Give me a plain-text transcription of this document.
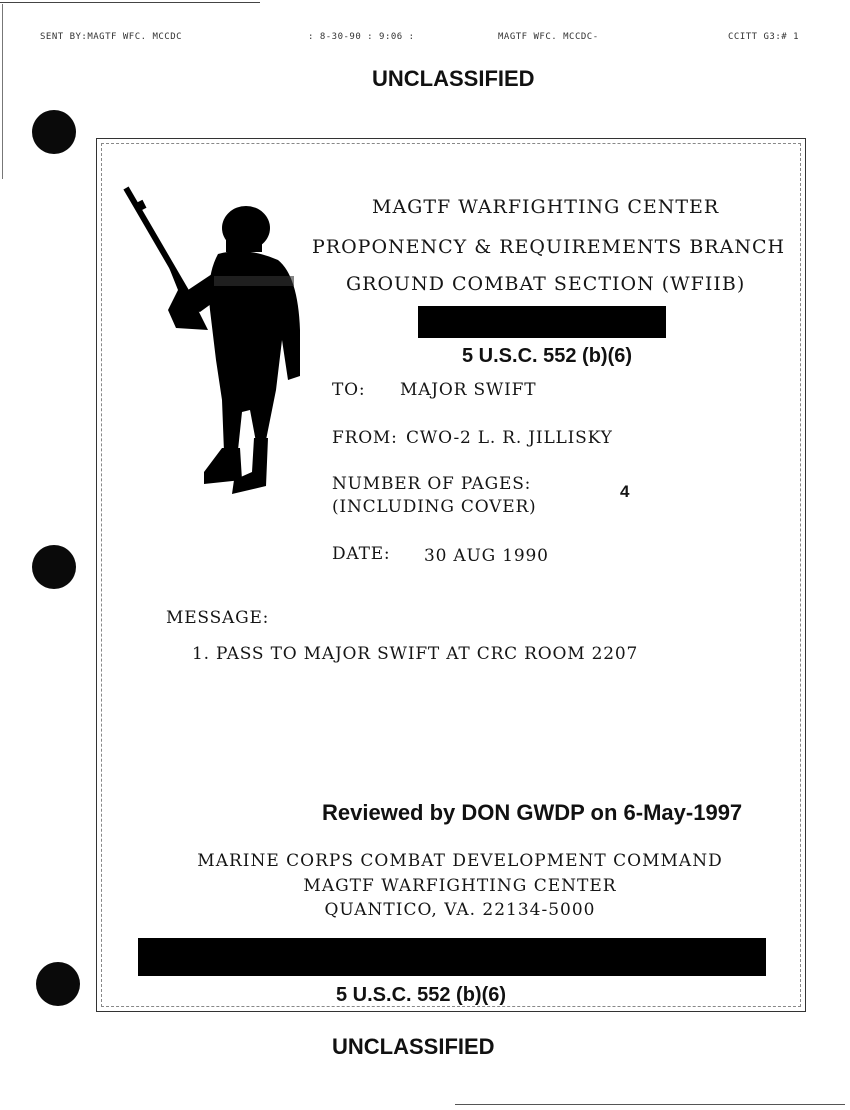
SENT BY:MAGTF WFC. MCCDC	: 8-30-90 : 9:06 :	MAGTF WFC. MCCDC-	CCITT G3:# 1
UNCLASSIFIED
MAGTF WARFIGHTING CENTER
PROPONENCY & REQUIREMENTS BRANCH
GROUND COMBAT SECTION (WFIIB)
5 U.S.C. 552 (b)(6)
TO: MAJOR SWIFT
FROM: CWO-2 L. R. JILLISKY
NUMBER OF PAGES:
(INCLUDING COVER)
4
DATE: 30 AUG 1990
MESSAGE:
1. PASS TO MAJOR SWIFT AT CRC ROOM 2207
Reviewed by DON GWDP on 6-May-1997
MARINE CORPS COMBAT DEVELOPMENT COMMAND
MAGTF WARFIGHTING CENTER
QUANTICO, VA. 22134-5000
5 U.S.C. 552 (b)(6)
UNCLASSIFIED
